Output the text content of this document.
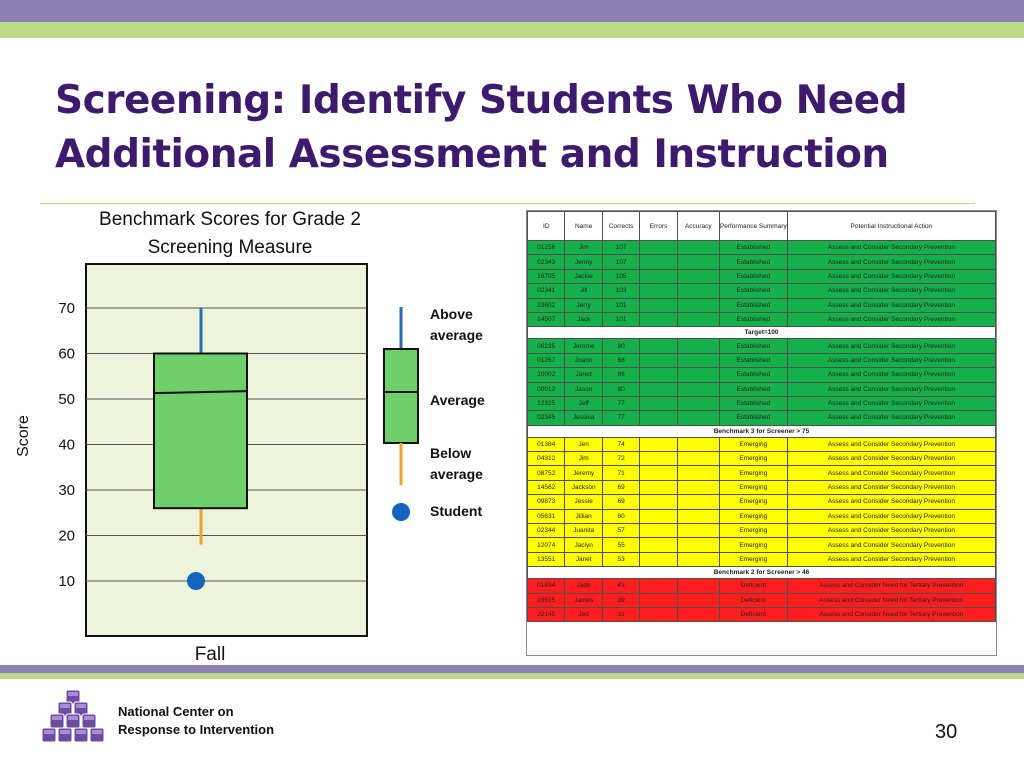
Screening: Identify Students Who Need Additional Assessment and Instruction
Benchmark Scores for Grade 2
Screening Measure
10
20
30
40
50
60
70
Score
Fall
Above
average
Average
Below
average
Student
ID	Name	Corrects	Errors	Accuracy	Performance Summary	Potential Instructional Action
01256	Jim	107			Established	Assess and Consider Secondary Prevention
02343	Jenny	107			Established	Assess and Consider Secondary Prevention
16705	Jackie	105			Established	Assess and Consider Secondary Prevention
02341	Jill	103			Established	Assess and Consider Secondary Prevention
23602	Jerry	101			Established	Assess and Consider Secondary Prevention
14507	Jack	101			Established	Assess and Consider Secondary Prevention
Target=100						
06235	Jerome	90			Established	Assess and Consider Secondary Prevention
01267	Joann	88			Established	Assess and Consider Secondary Prevention
20002	Jared	86			Established	Assess and Consider Secondary Prevention
00012	Jason	80			Established	Assess and Consider Secondary Prevention
12325	Jeff	77			Established	Assess and Consider Secondary Prevention
02345	Jessica	77			Established	Assess and Consider Secondary Prevention
Benchmark 3 for Screener > 75						
01384	Jen	74			Emerging	Assess and Consider Secondary Prevention
04312	Jim	72			Emerging	Assess and Consider Secondary Prevention
08752	Jeremy	71			Emerging	Assess and Consider Secondary Prevention
14562	Jackson	69			Emerging	Assess and Consider Secondary Prevention
09873	Jessie	69			Emerging	Assess and Consider Secondary Prevention
05631	Jillian	60			Emerging	Assess and Consider Secondary Prevention
02344	Juanita	57			Emerging	Assess and Consider Secondary Prevention
12074	Jaclyn	55			Emerging	Assess and Consider Secondary Prevention
13551	Janet	53			Emerging	Assess and Consider Secondary Prevention
Benchmark 2 for Screener > 46						
01834	Jade	43			Deficient	Assess and Consider Need for Tertiary Prevention
23515	James	39			Deficient	Assess and Consider Need for Tertiary Prevention
22145	Jed	31			Deficient	Assess and Consider Need for Tertiary Prevention
National Center on
Response to Intervention	30
